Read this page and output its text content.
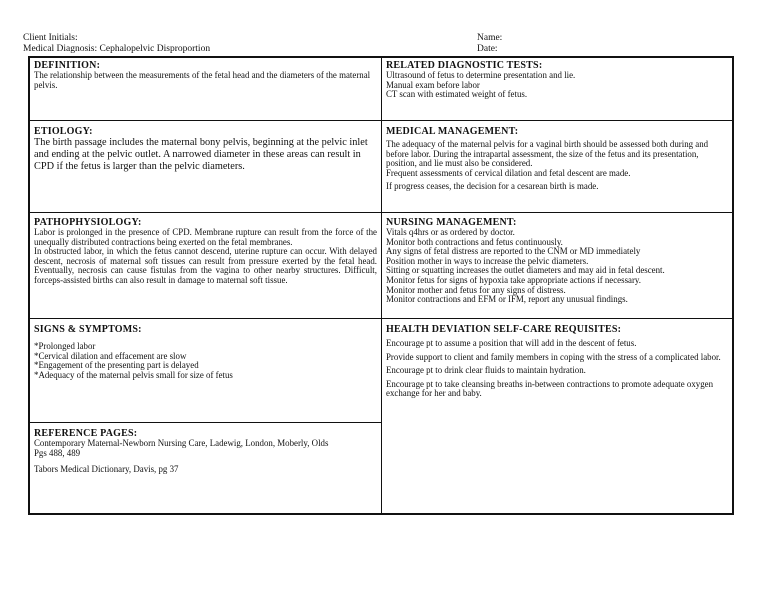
Client Initials:
Medical Diagnosis: Cephalopelvic Disproportion
Name:
Date:
DEFINITION:

The relationship between the measurements of the fetal head and the diameters of the maternal pelvis.

RELATED DIAGNOSTIC TESTS:

Ultrasound of fetus to determine presentation and lie.

Manual exam before labor

CT scan with estimated weight of fetus.

ETIOLOGY:

The birth passage includes the maternal bony pelvis, beginning at the pelvic inlet and ending at the pelvic outlet. A narrowed diameter in these areas can result in CPD if the fetus is larger than the pelvic diameters.

MEDICAL MANAGEMENT:

The adequacy of the maternal pelvis for a vaginal birth should be assessed both during and before labor. During the intrapartal assessment, the size of the fetus and its presentation, position, and lie must also be considered.

Frequent assessments of cervical dilation and fetal descent are made.

If progress ceases, the decision for a cesarean birth is made.

PATHOPHYSIOLOGY:

Labor is prolonged in the presence of CPD. Membrane rupture can result from the force of the unequally distributed contractions being exerted on the fetal membranes.

In obstructed labor, in which the fetus cannot descend, uterine rupture can occur. With delayed descent, necrosis of maternal soft tissues can result from pressure exerted by the fetal head. Eventually, necrosis can cause fistulas from the vagina to other nearby structures. Difficult, forceps-assisted births can also result in damage to maternal soft tissue.

NURSING MANAGEMENT:

Vitals q4hrs or as ordered by doctor.

Monitor both contractions and fetus continuously.

Any signs of fetal distress are reported to the CNM or MD immediately

Position mother in ways to increase the pelvic diameters.

Sitting or squatting increases the outlet diameters and may aid in fetal descent.

Monitor fetus for signs of hypoxia take appropriate actions if necessary.

Monitor mother and fetus for any signs of distress.

Monitor contractions and EFM or IFM, report any unusual findings.

SIGNS & SYMPTOMS:

*Prolonged labor

*Cervical dilation and effacement are slow

*Engagement of the presenting part is delayed

*Adequacy of the maternal pelvis small for size of fetus

HEALTH DEVIATION SELF-CARE REQUISITES:

Encourage pt to assume a position that will add in the descent of fetus.

Provide support to client and family members in coping with the stress of a complicated labor.

Encourage pt to drink clear fluids to maintain hydration.

Encourage pt to take cleansing breaths in-between contractions to promote adequate oxygen exchange for her and baby.

REFERENCE PAGES:

Contemporary Maternal-Newborn Nursing Care, Ladewig, London, Moberly, Olds

Pgs 488, 489

Tabors Medical Dictionary, Davis, pg 37
